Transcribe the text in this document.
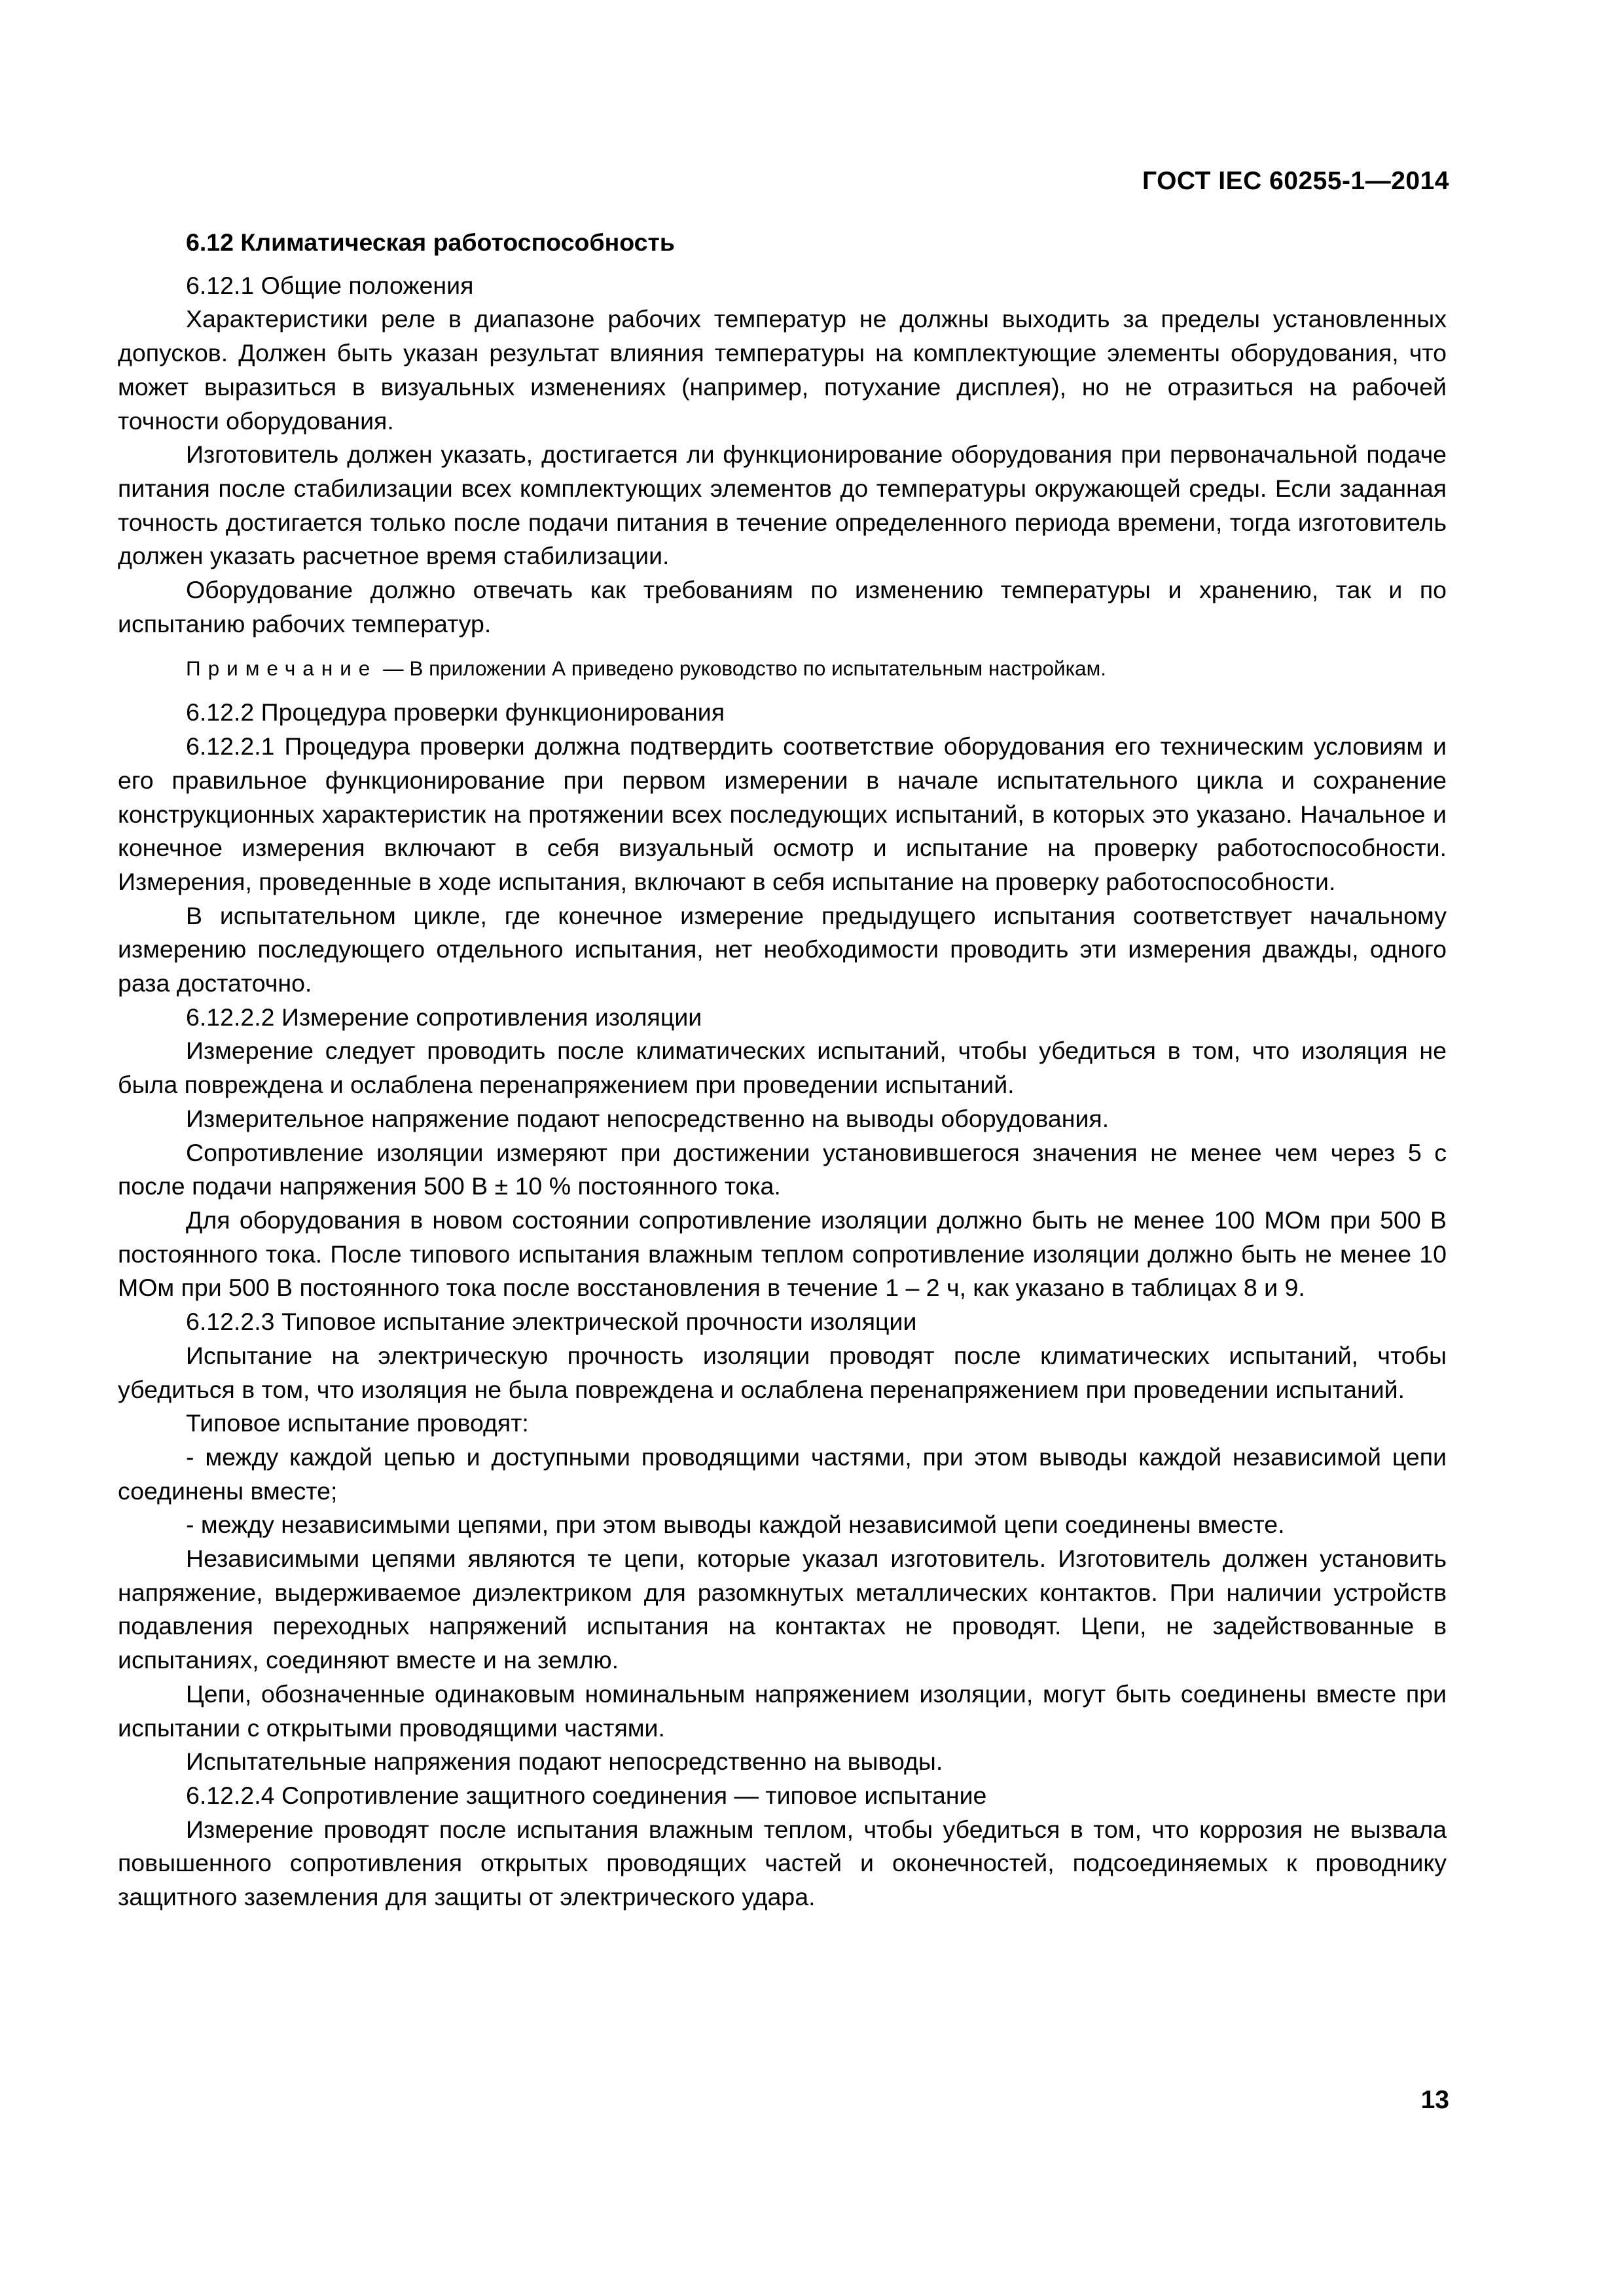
ГОСТ IEC 60255-1—2014

6.12 Климатическая работоспособность

6.12.1 Общие положения

Характеристики реле в диапазоне рабочих температур не должны выходить за пределы установленных допусков. Должен быть указан результат влияния температуры на комплектующие элементы оборудования, что может выразиться в визуальных изменениях (например, потухание дисплея), но не отразиться на рабочей точности оборудования.

Изготовитель должен указать, достигается ли функционирование оборудования при первоначальной подаче питания после стабилизации всех комплектующих элементов до температуры окружающей среды. Если заданная точность достигается только после подачи питания в течение определенного периода времени, тогда изготовитель должен указать расчетное время стабилизации.

Оборудование должно отвечать как требованиям по изменению температуры и хранению, так и по испытанию рабочих температур.

Примечание — В приложении А приведено руководство по испытательным настройкам.

6.12.2 Процедура проверки функционирования

6.12.2.1 Процедура проверки должна подтвердить соответствие оборудования его техническим условиям и его правильное функционирование при первом измерении в начале испытательного цикла и сохранение конструкционных характеристик на протяжении всех последующих испытаний, в которых это указано. Начальное и конечное измерения включают в себя визуальный осмотр и испытание на проверку работоспособности. Измерения, проведенные в ходе испытания, включают в себя испытание на проверку работоспособности.

В испытательном цикле, где конечное измерение предыдущего испытания соответствует начальному измерению последующего отдельного испытания, нет необходимости проводить эти измерения дважды, одного раза достаточно.

6.12.2.2 Измерение сопротивления изоляции

Измерение следует проводить после климатических испытаний, чтобы убедиться в том, что изоляция не была повреждена и ослаблена перенапряжением при проведении испытаний.

Измерительное напряжение подают непосредственно на выводы оборудования.

Сопротивление изоляции измеряют при достижении установившегося значения не менее чем через 5 с после подачи напряжения 500 В ± 10 % постоянного тока.

Для оборудования в новом состоянии сопротивление изоляции должно быть не менее 100 МОм при 500 В постоянного тока. После типового испытания влажным теплом сопротивление изоляции должно быть не менее 10 МОм при 500 В постоянного тока после восстановления в течение 1 – 2 ч, как указано в таблицах 8 и 9.

6.12.2.3 Типовое испытание электрической прочности изоляции

Испытание на электрическую прочность изоляции проводят после климатических испытаний, чтобы убедиться в том, что изоляция не была повреждена и ослаблена перенапряжением при проведении испытаний.

Типовое испытание проводят:

- между каждой цепью и доступными проводящими частями, при этом выводы каждой независимой цепи соединены вместе;

- между независимыми цепями, при этом выводы каждой независимой цепи соединены вместе.

Независимыми цепями являются те цепи, которые указал изготовитель. Изготовитель должен установить напряжение, выдерживаемое диэлектриком для разомкнутых металлических контактов. При наличии устройств подавления переходных напряжений испытания на контактах не проводят. Цепи, не задействованные в испытаниях, соединяют вместе и на землю.

Цепи, обозначенные одинаковым номинальным напряжением изоляции, могут быть соединены вместе при испытании с открытыми проводящими частями.

Испытательные напряжения подают непосредственно на выводы.

6.12.2.4 Сопротивление защитного соединения — типовое испытание

Измерение проводят после испытания влажным теплом, чтобы убедиться в том, что коррозия не вызвала повышенного сопротивления открытых проводящих частей и оконечностей, подсоединяемых к проводнику защитного заземления для защиты от электрического удара.

13
